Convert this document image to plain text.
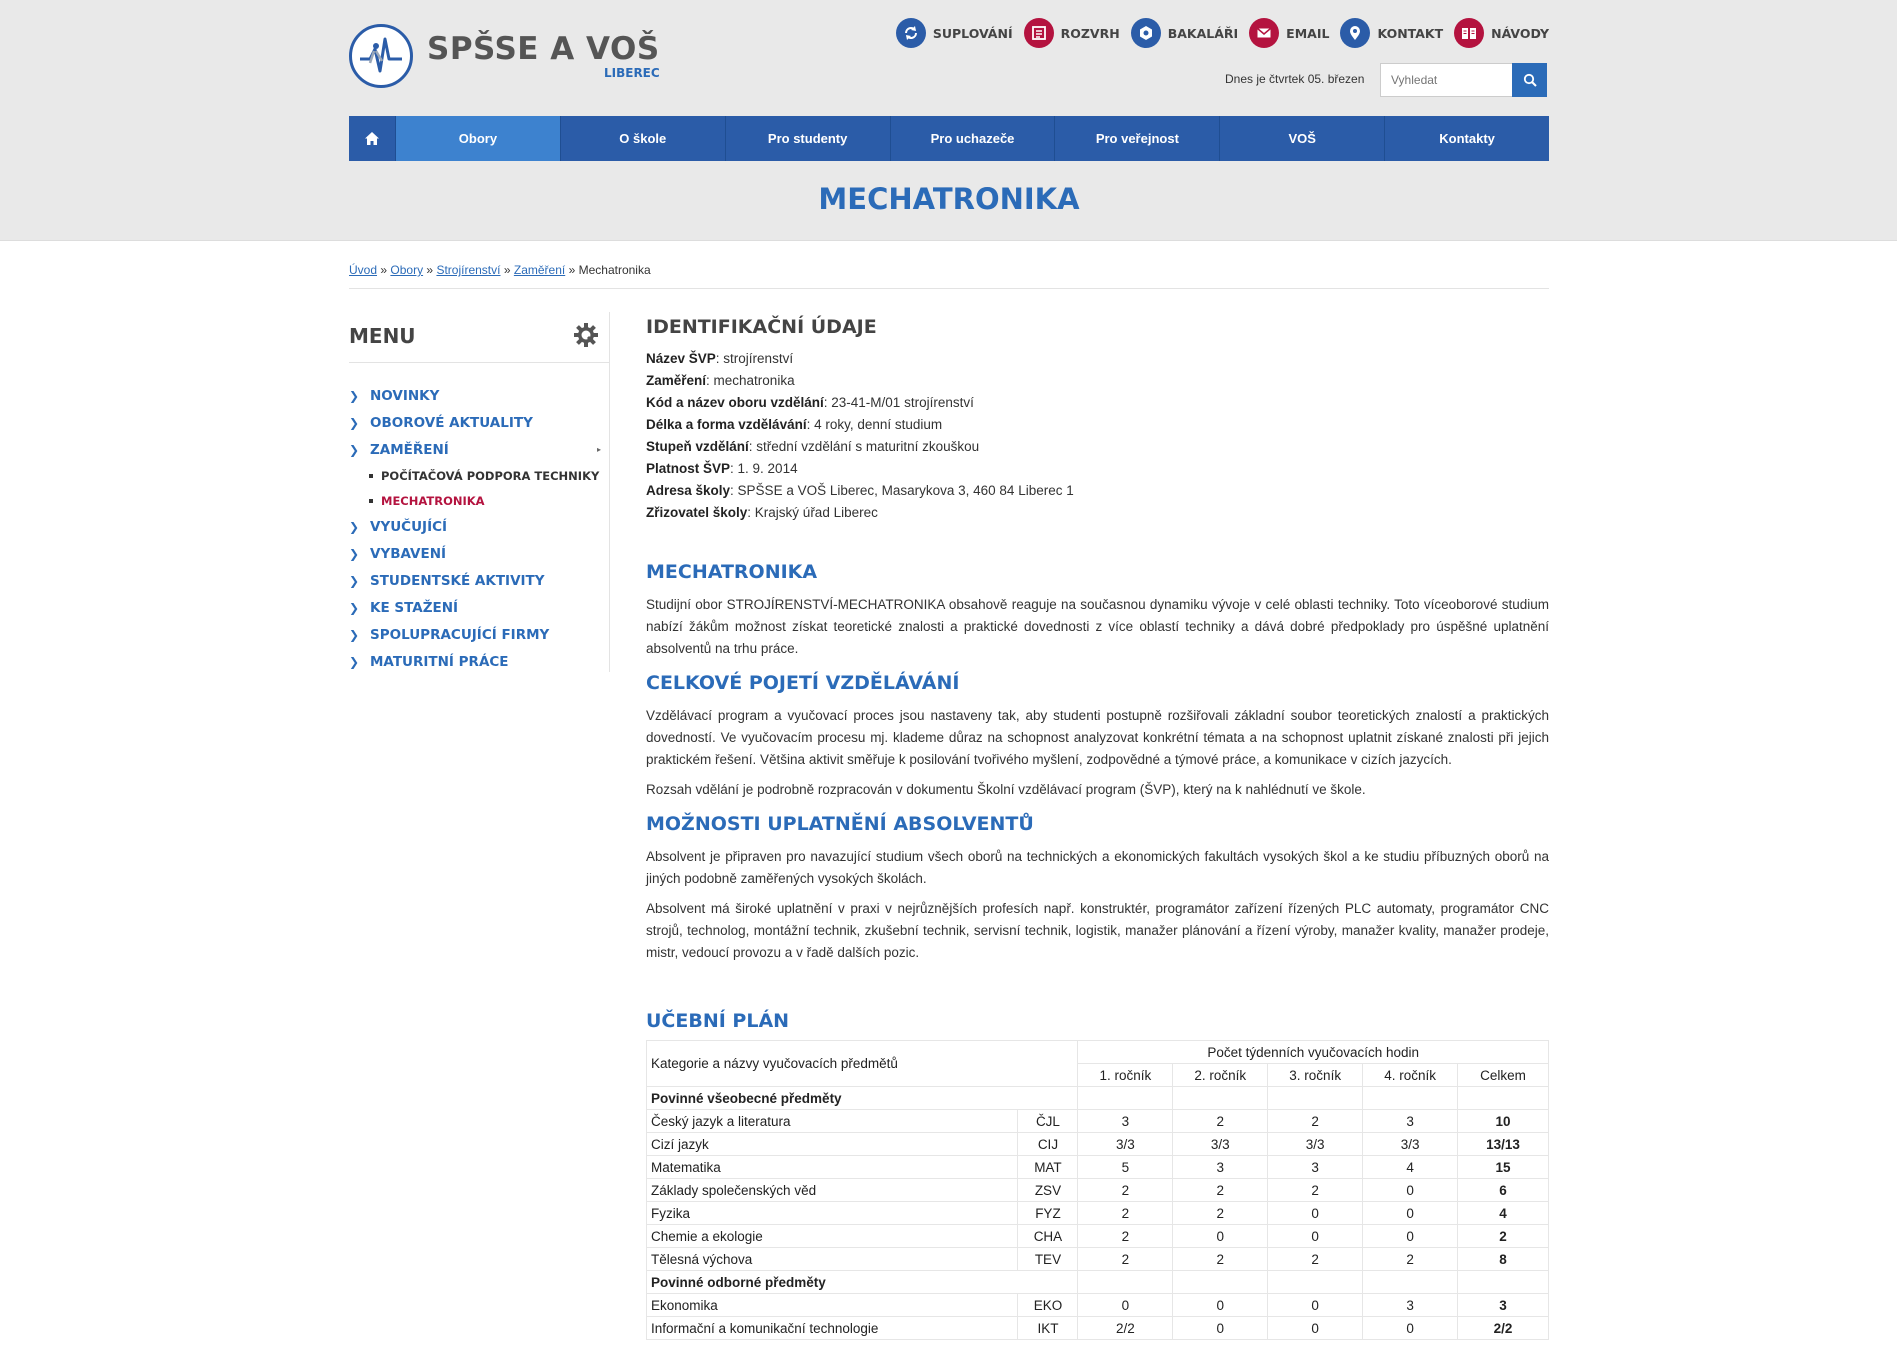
SPŠSE A VOŠ
LIBEREC
SUPLOVÁNÍ	ROZVRH	BAKALÁŘI	EMAIL	KONTAKT	NÁVODY
Dnes je čtvrtek 05. březen
Vyhledat
Obory	O škole	Pro studenty	Pro uchazeče	Pro veřejnost	VOŠ	Kontakty
MECHATRONIKA
Úvod » Obory » Strojírenství » Zaměření » Mechatronika
MENU
❯ NOVINKY
❯ OBOROVÉ AKTUALITY
❯ ZAMĚŘENÍ	▸
POČÍTAČOVÁ PODPORA TECHNIKY
MECHATRONIKA
❯ VYUČUJÍCÍ
❯ VYBAVENÍ
❯ STUDENTSKÉ AKTIVITY
❯ KE STAŽENÍ
❯ SPOLUPRACUJÍCÍ FIRMY
❯ MATURITNÍ PRÁCE
IDENTIFIKAČNÍ ÚDAJE
Název ŠVP: strojírenství
Zaměření: mechatronika
Kód a název oboru vzdělání: 23-41-M/01 strojírenství
Délka a forma vzdělávání: 4 roky, denní studium
Stupeň vzdělání: střední vzdělání s maturitní zkouškou
Platnost ŠVP: 1. 9. 2014
Adresa školy: SPŠSE a VOŠ Liberec, Masarykova 3, 460 84 Liberec 1
Zřizovatel školy: Krajský úřad Liberec
MECHATRONIKA

Studijní obor STROJÍRENSTVÍ-MECHATRONIKA obsahově reaguje na současnou dynamiku vývoje v celé oblasti techniky. Toto víceoborové studium nabízí žákům možnost získat teoretické znalosti a praktické dovednosti z více oblastí techniky a dává dobré předpoklady pro úspěšné uplatnění absolventů na trhu práce.

CELKOVÉ POJETÍ VZDĚLÁVÁNÍ

Vzdělávací program a vyučovací proces jsou nastaveny tak, aby studenti postupně rozšiřovali základní soubor teoretických znalostí a praktických dovedností. Ve vyučovacím procesu mj. klademe důraz na schopnost analyzovat konkrétní témata a na schopnost uplatnit získané znalosti při jejich praktickém řešení. Většina aktivit směřuje k posilování tvořivého myšlení, zodpovědné a týmové práce, a komunikace v cizích jazycích.

Rozsah vdělání je podrobně rozpracován v dokumentu Školní vzdělávací program (ŠVP), který na k nahlédnutí ve škole.

MOŽNOSTI UPLATNĚNÍ ABSOLVENTŮ

Absolvent je připraven pro navazující studium všech oborů na technických a ekonomických fakultách vysokých škol a ke studiu příbuzných oborů na jiných podobně zaměřených vysokých školách.

Absolvent má široké uplatnění v praxi v nejrůznějších profesích např. konstruktér, programátor zařízení řízených PLC automaty, programátor CNC strojů, technolog, montážní technik, zkušební technik, servisní technik, logistik, manažer plánování a řízení výroby, manažer kvality, manažer prodeje, mistr, vedoucí provozu a v řadě dalších pozic.

UČEBNÍ PLÁN
Kategorie a názvy vyučovacích předmětů		Počet týdenních vyučovacích hodin				
		1. ročník	2. ročník	3. ročník	4. ročník	Celkem
Povinné všeobecné předměty						
Český jazyk a literatura	ČJL	3	2	2	3	10
Cizí jazyk	CIJ	3/3	3/3	3/3	3/3	13/13
Matematika	MAT	5	3	3	4	15
Základy společenských věd	ZSV	2	2	2	0	6
Fyzika	FYZ	2	2	0	0	4
Chemie a ekologie	CHA	2	0	0	0	2
Tělesná výchova	TEV	2	2	2	2	8
Povinné odborné předměty						
Ekonomika	EKO	0	0	0	3	3
Informační a komunikační technologie	IKT	2/2	0	0	0	2/2
